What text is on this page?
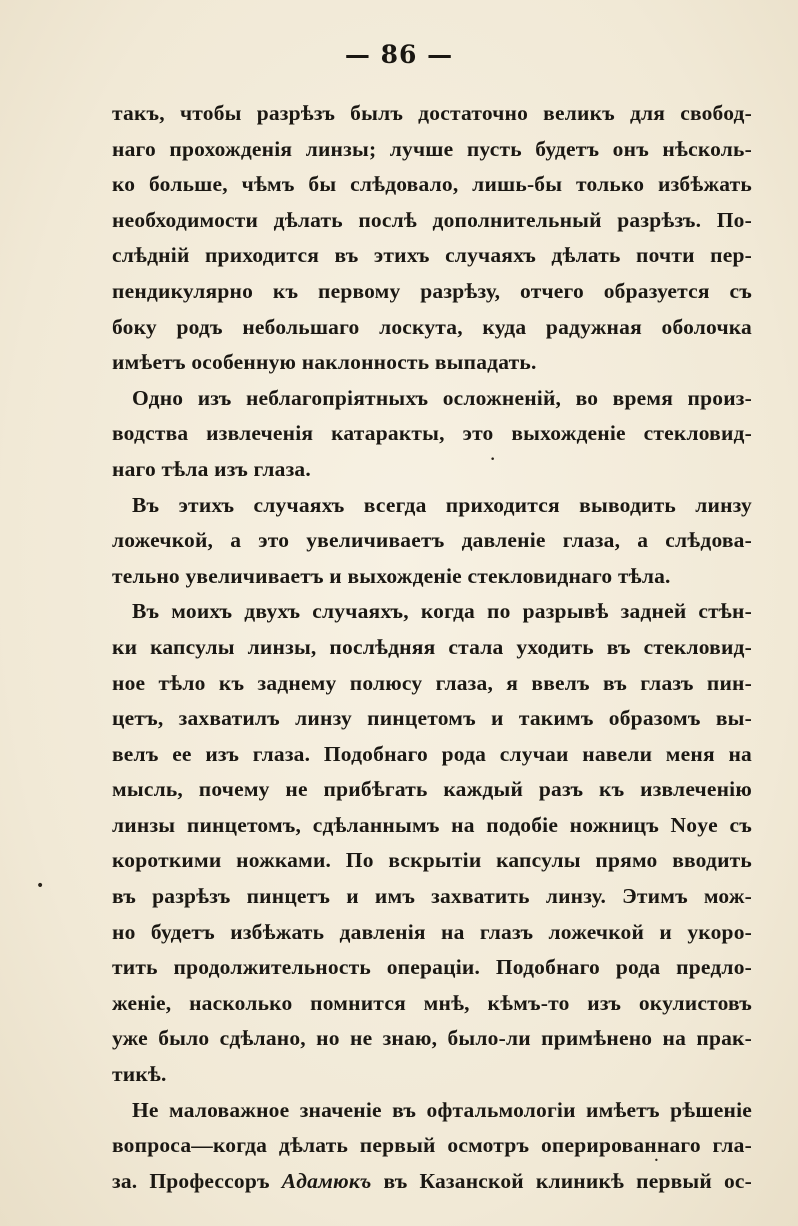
— 86 —
такъ, чтобы разрѣзъ былъ достаточно великъ для свобод-
наго прохожденія линзы; лучше пусть будетъ онъ нѣсколь-
ко больше, чѣмъ бы слѣдовало, лишь-бы только избѣжать
необходимости дѣлать послѣ дополнительный разрѣзъ. По-
слѣдній приходится въ этихъ случаяхъ дѣлать почти пер-
пендикулярно къ первому разрѣзу, отчего образуется съ
боку родъ небольшаго лоскута, куда радужная оболочка
имѣетъ особенную наклонность выпадать.
Одно изъ неблагопріятныхъ осложненій, во время произ-
водства извлеченія катаракты, это выхожденіе стекловид-
наго тѣла изъ глаза.
Въ этихъ случаяхъ всегда приходится выводить линзу
ложечкой, а это увеличиваетъ давленіе глаза, а слѣдова-
тельно увеличиваетъ и выхожденіе стекловиднаго тѣла.
Въ моихъ двухъ случаяхъ, когда по разрывѣ задней стѣн-
ки капсулы линзы, послѣдняя стала уходить въ стекловид-
ное тѣло къ заднему полюсу глаза, я ввелъ въ глазъ пин-
цетъ, захватилъ линзу пинцетомъ и такимъ образомъ вы-
велъ ее изъ глаза. Подобнаго рода случаи навели меня на
мысль, почему не прибѣгать каждый разъ къ извлеченію
линзы пинцетомъ, сдѣланнымъ на подобіе ножницъ Noye съ
короткими ножками. По вскрытіи капсулы прямо вводить
въ разрѣзъ пинцетъ и имъ захватить линзу. Этимъ мож-
но будетъ избѣжать давленія на глазъ ложечкой и укоро-
тить продолжительность операціи. Подобнаго рода предло-
женіе, насколько помнится мнѣ, кѣмъ-то изъ окулистовъ
уже было сдѣлано, но не знаю, было-ли примѣнено на прак-
тикѣ.
Не маловажное значеніе въ офтальмологіи имѣетъ рѣшеніе
вопроса—когда дѣлать первый осмотръ оперированнаго гла-
за. Профессоръ Адамюкъ въ Казанской клиникѣ первый ос-
•
•
•
